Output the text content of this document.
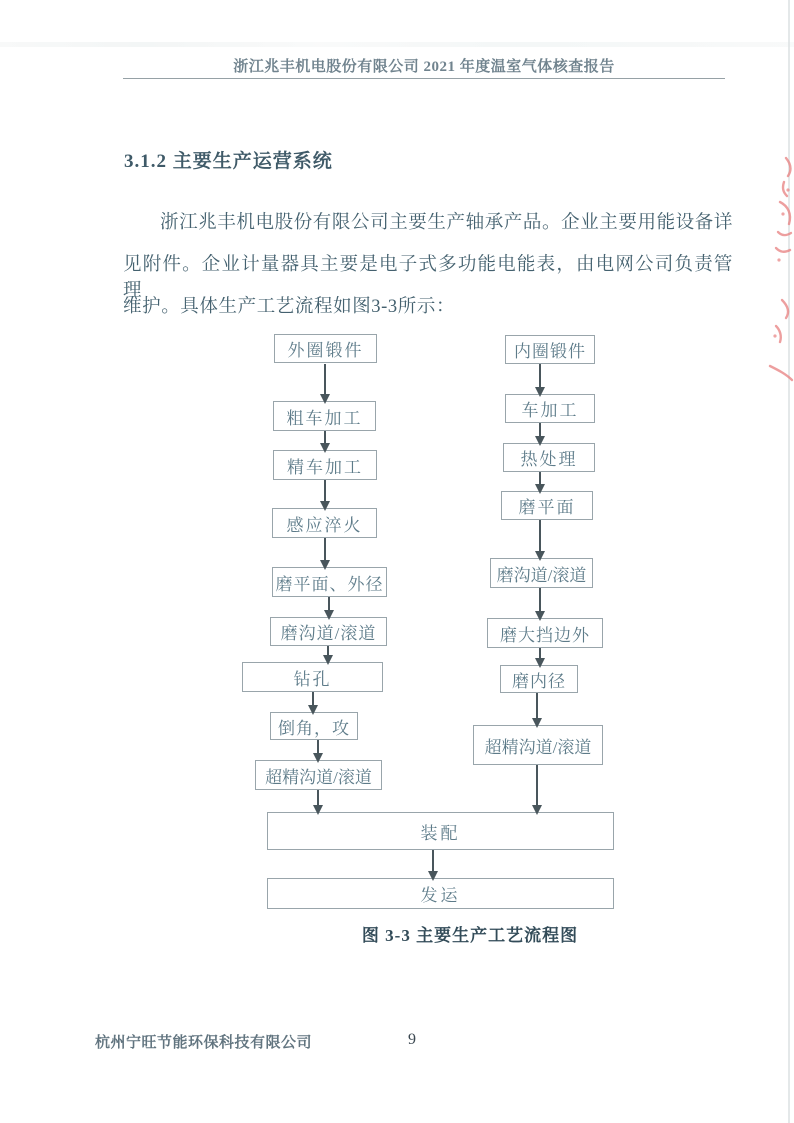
浙江兆丰机电股份有限公司 2021 年度温室气体核查报告
3.1.2 主要生产运营系统
浙江兆丰机电股份有限公司主要生产轴承产品。企业主要用能设备详
见附件。企业计量器具主要是电子式多功能电能表，由电网公司负责管理
维护。具体生产工艺流程如图3-3所示：
外圈锻件
粗车加工
精车加工
感应淬火
磨平面、外径
磨沟道/滚道
钻孔
倒角，攻
超精沟道/滚道
内圈锻件
车加工
热处理
磨平面
磨沟道/滚道
磨大挡边外
磨内径
超精沟道/滚道
装配
发运
图 3-3 主要生产工艺流程图
杭州宁旺节能环保科技有限公司	9
